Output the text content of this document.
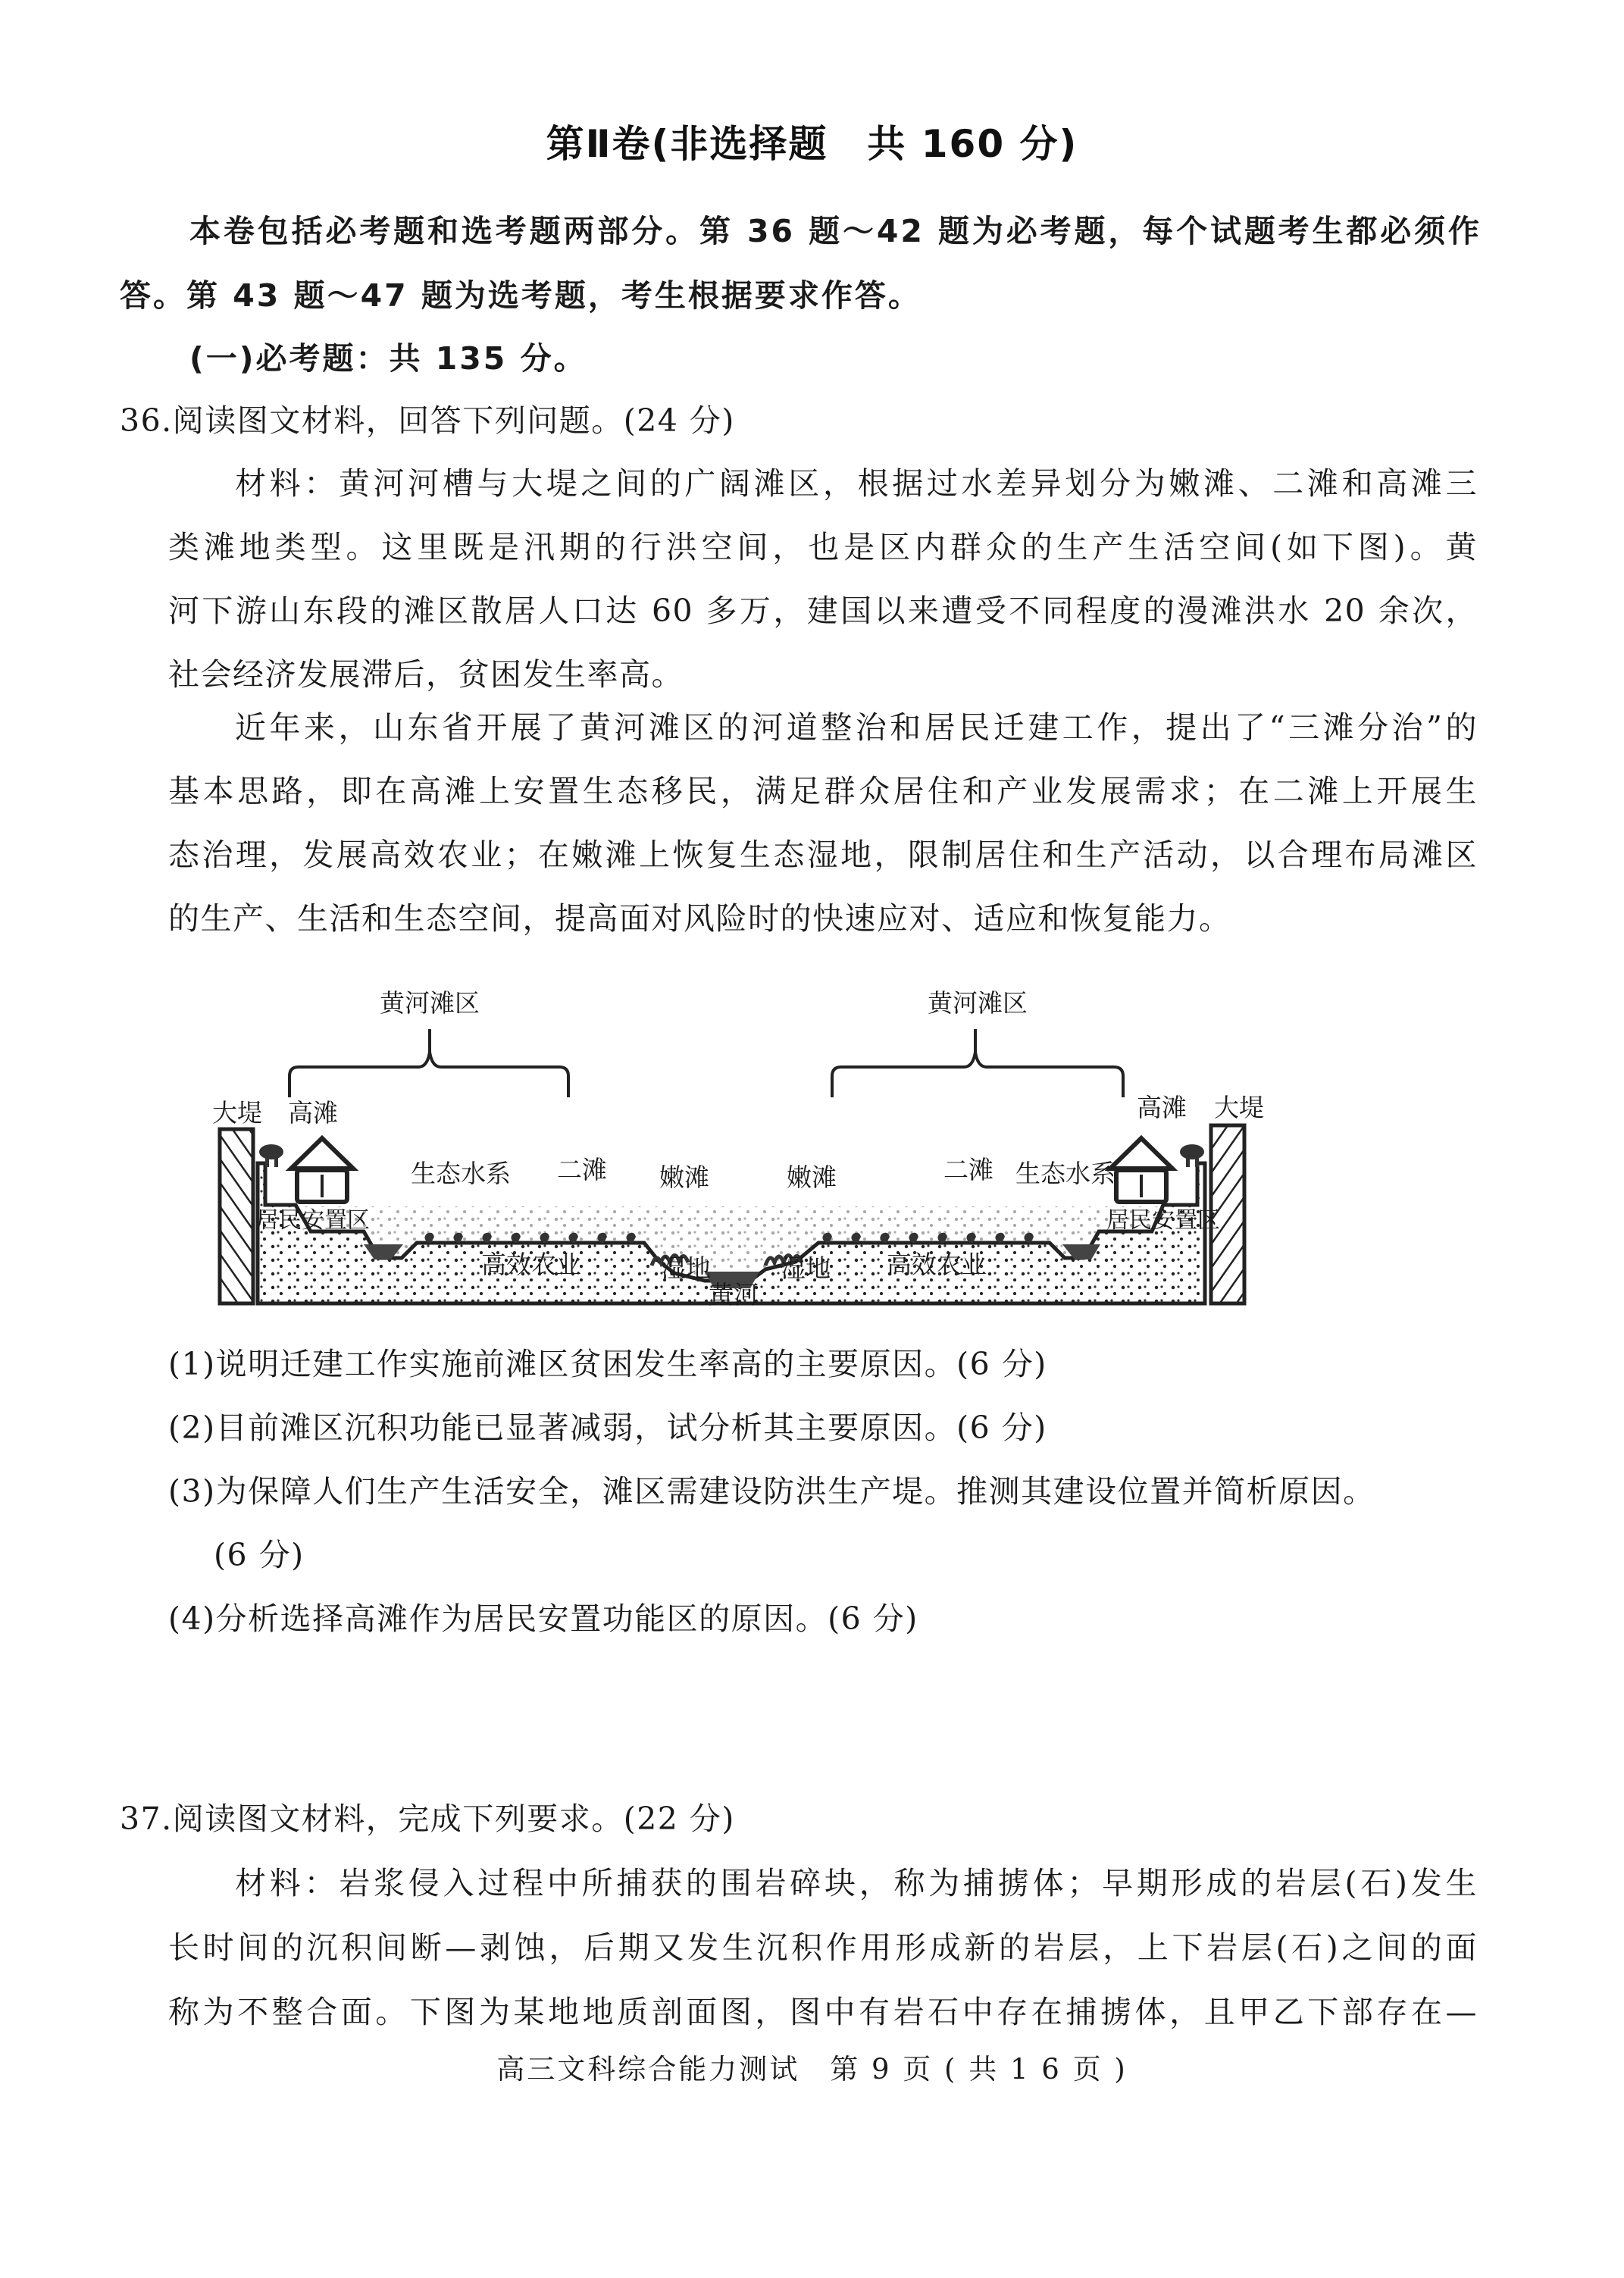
第Ⅱ卷(非选择题　共 160 分)
本卷包括必考题和选考题两部分。第 36 题～42 题为必考题，每个试题考生都必须作
答。第 43 题～47 题为选考题，考生根据要求作答。
(一)必考题：共 135 分。
36.阅读图文材料，回答下列问题。(24 分)
材料：黄河河槽与大堤之间的广阔滩区，根据过水差异划分为嫩滩、二滩和高滩三
类滩地类型。这里既是汛期的行洪空间，也是区内群众的生产生活空间(如下图)。黄
河下游山东段的滩区散居人口达 60 多万，建国以来遭受不同程度的漫滩洪水 20 余次，
社会经济发展滞后，贫困发生率高。
近年来，山东省开展了黄河滩区的河道整治和居民迁建工作，提出了“三滩分治”的
基本思路，即在高滩上安置生态移民，满足群众居住和产业发展需求；在二滩上开展生
态治理，发展高效农业；在嫩滩上恢复生态湿地，限制居住和生产活动，以合理布局滩区
的生产、生活和生态空间，提高面对风险时的快速应对、适应和恢复能力。
黄河滩区	黄河滩区
大堤 高滩
居民安置区
生态水系 二滩
高效农业
嫩滩
湿地
黄河
大堤
高滩
居民安置区
生态水系
二滩
高效农业
嫩滩
湿地
(1)说明迁建工作实施前滩区贫困发生率高的主要原因。(6 分)
(2)目前滩区沉积功能已显著减弱，试分析其主要原因。(6 分)
(3)为保障人们生产生活安全，滩区需建设防洪生产堤。推测其建设位置并简析原因。
(6 分)
(4)分析选择高滩作为居民安置功能区的原因。(6 分)
37.阅读图文材料，完成下列要求。(22 分)
材料：岩浆侵入过程中所捕获的围岩碎块，称为捕掳体；早期形成的岩层(石)发生
长时间的沉积间断—剥蚀，后期又发生沉积作用形成新的岩层，上下岩层(石)之间的面
称为不整合面。下图为某地地质剖面图，图中有岩石中存在捕掳体，且甲乙下部存在—
高三文科综合能力测试　第 9 页 ( 共 1 6 页 )
